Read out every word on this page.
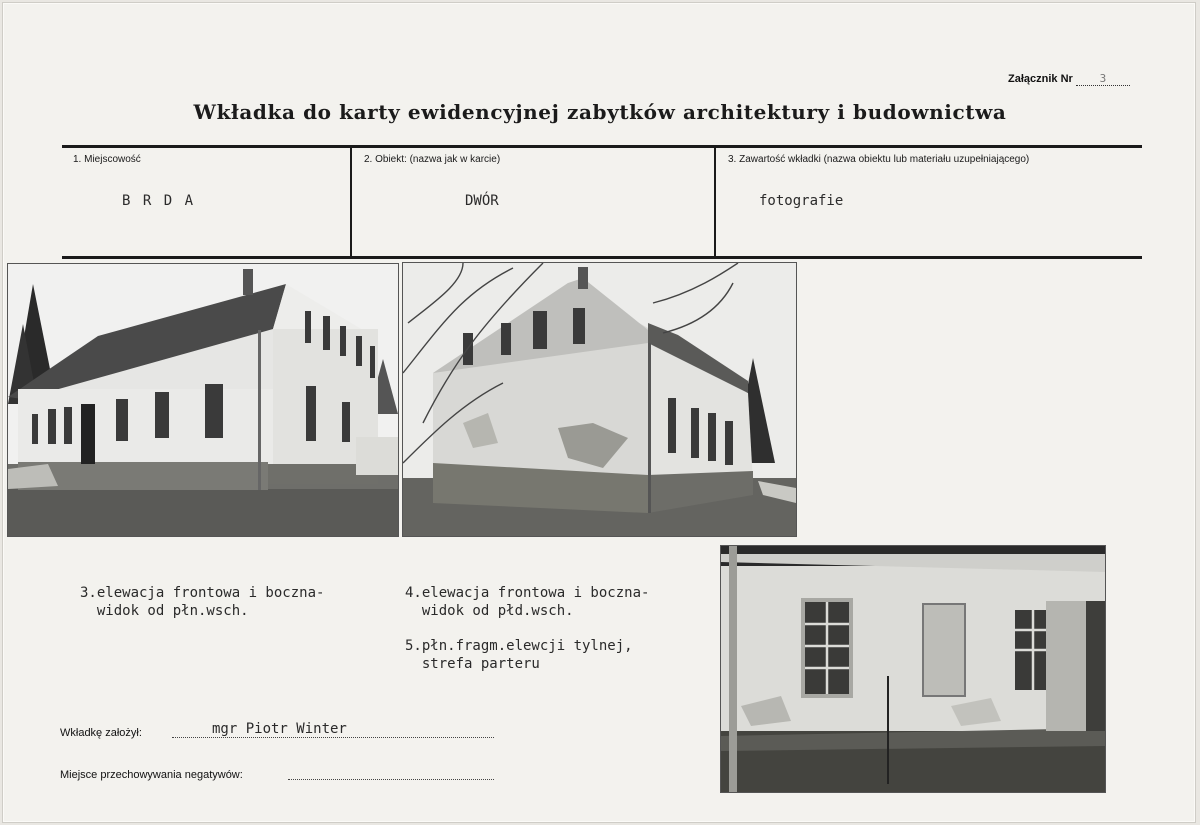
Załącznik Nr 3
Wkładka do karty ewidencyjnej zabytków architektury i budownictwa
1. Miejscowość
B R D A
2. Obiekt: (nazwa jak w karcie)
DWÓR
3. Zawartość wkładki (nazwa obiektu lub materiału uzupełniającego)
fotografie
3.elewacja frontowa i boczna-
widok od płn.wsch.
4.elewacja frontowa i boczna-
widok od płd.wsch.
5.płn.fragm.elewcji tylnej,
strefa parteru
Wkładkę założył:	mgr Piotr Winter
Miejsce przechowywania negatywów:
